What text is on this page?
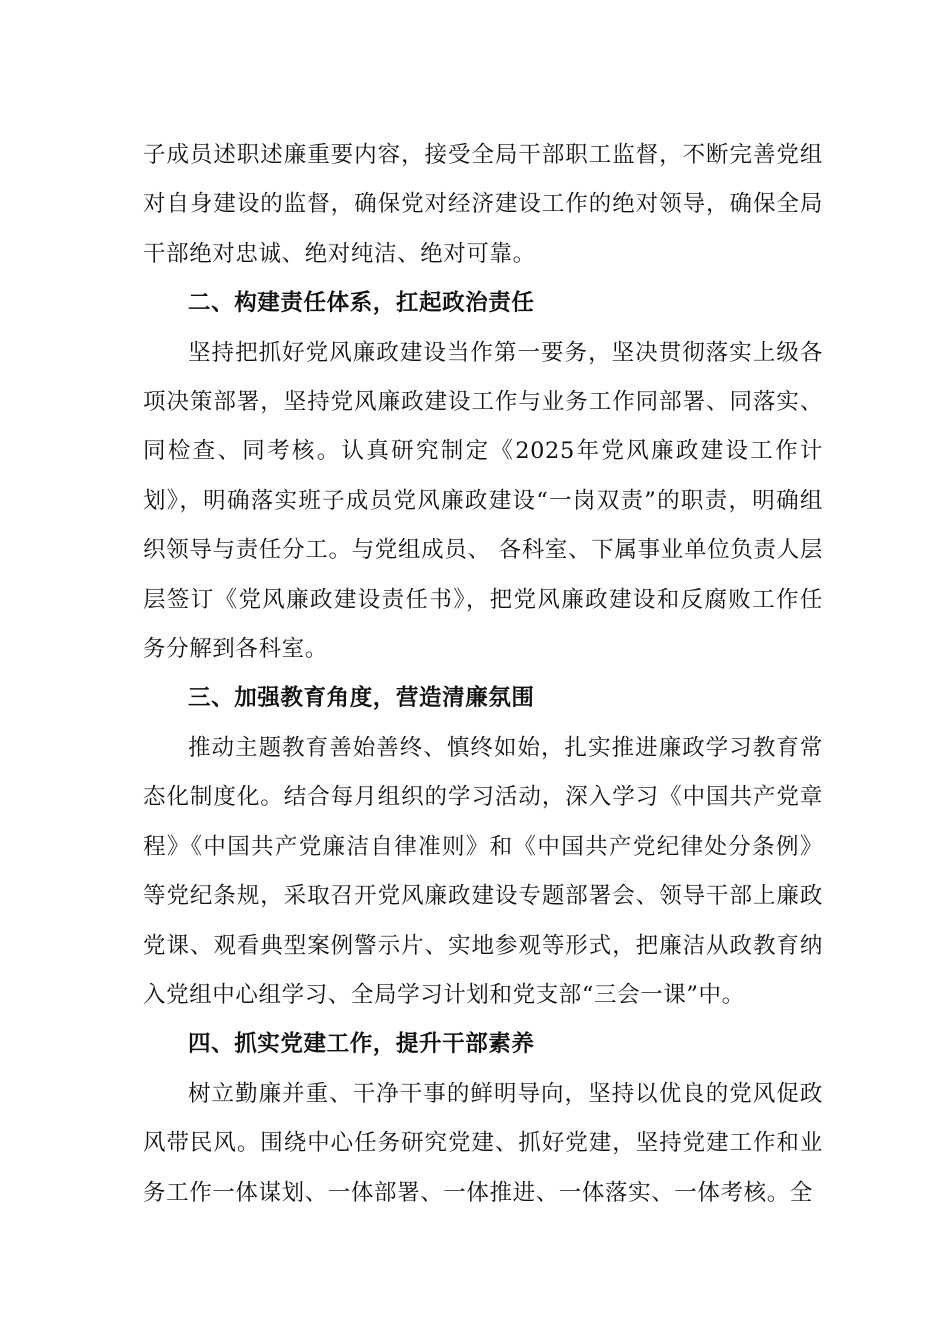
子成员述职述廉重要内容，接受全局干部职工监督，不断完善党组对自身建设的监督，确保党对经济建设工作的绝对领导，确保全局干部绝对忠诚、绝对纯洁、绝对可靠。

二、构建责任体系，扛起政治责任

坚持把抓好党风廉政建设当作第一要务，坚决贯彻落实上级各项决策部署，坚持党风廉政建设工作与业务工作同部署、同落实、同检查、同考核。认真研究制定《2025年党风廉政建设工作计划》，明确落实班子成员党风廉政建设“一岗双责”的职责，明确组织领导与责任分工。与党组成员、 各科室、下属事业单位负责人层层签订《党风廉政建设责任书》，把党风廉政建设和反腐败工作任务分解到各科室。

三、加强教育角度，营造清廉氛围

推动主题教育善始善终、慎终如始，扎实推进廉政学习教育常态化制度化。结合每月组织的学习活动，深入学习《中国共产党章程》《中国共产党廉洁自律准则》和《中国共产党纪律处分条例》等党纪条规，采取召开党风廉政建设专题部署会、领导干部上廉政党课、观看典型案例警示片、实地参观等形式，把廉洁从政教育纳入党组中心组学习、全局学习计划和党支部“三会一课”中。

四、抓实党建工作，提升干部素养

树立勤廉并重、干净干事的鲜明导向，坚持以优良的党风促政风带民风。围绕中心任务研究党建、抓好党建，坚持党建工作和业务工作一体谋划、一体部署、一体推进、一体落实、一体考核。全
